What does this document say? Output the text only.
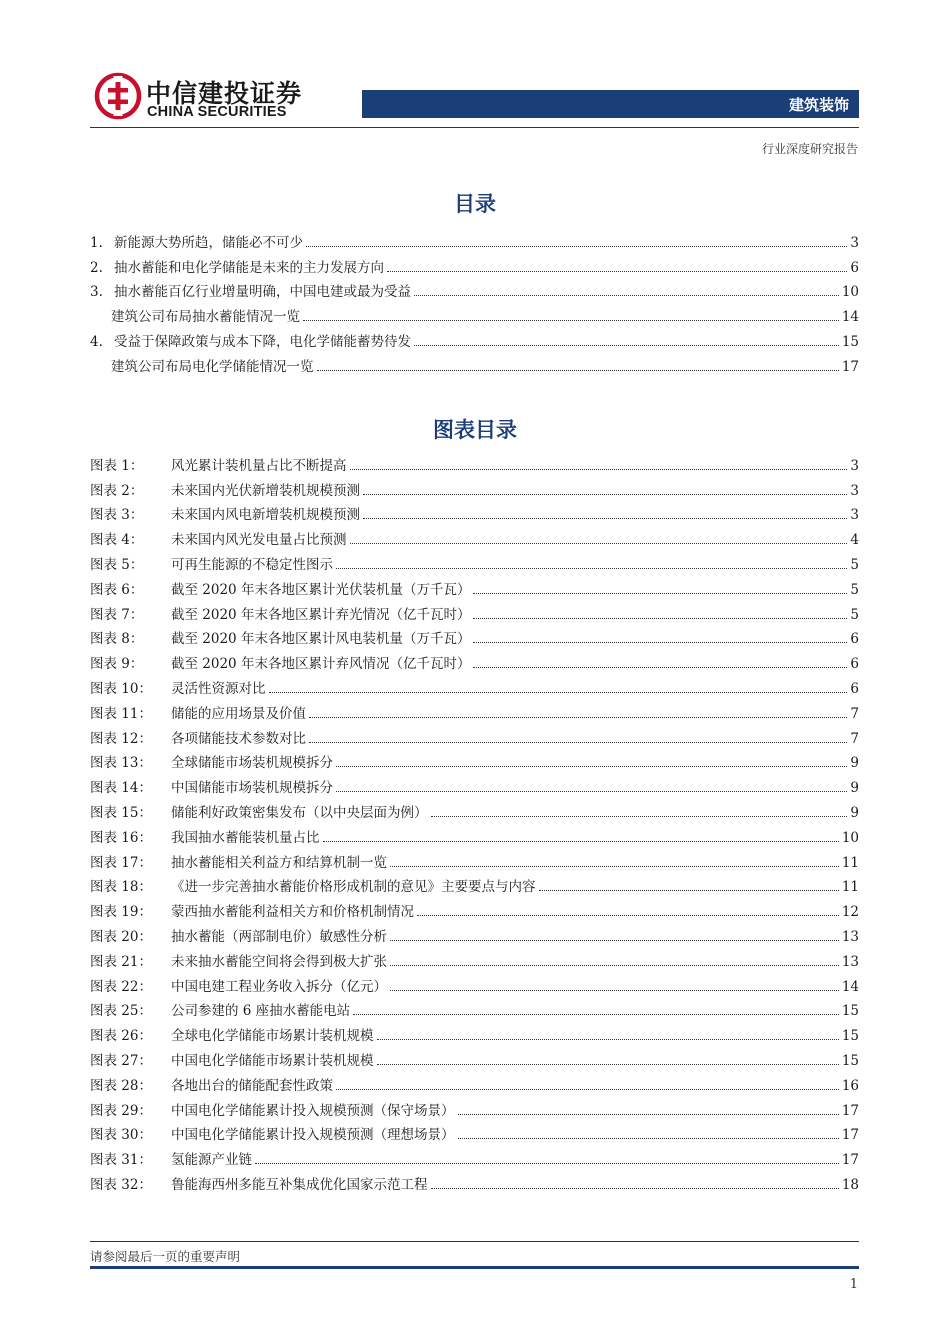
中信建投证券
CHINA SECURITIES	建筑装饰
行业深度研究报告
目录
1. 新能源大势所趋，储能必不可少	3
2. 抽水蓄能和电化学储能是未来的主力发展方向	6
3. 抽水蓄能百亿行业增量明确，中国电建或最为受益	10
建筑公司布局抽水蓄能情况一览	14
4. 受益于保障政策与成本下降，电化学储能蓄势待发	15
建筑公司布局电化学储能情况一览	17
图表目录
图表 1： 风光累计装机量占比不断提高	3
图表 2： 未来国内光伏新增装机规模预测	3
图表 3： 未来国内风电新增装机规模预测	3
图表 4： 未来国内风光发电量占比预测	4
图表 5： 可再生能源的不稳定性图示	5
图表 6： 截至 2020 年末各地区累计光伏装机量（万千瓦）	5
图表 7： 截至 2020 年末各地区累计弃光情况（亿千瓦时）	5
图表 8： 截至 2020 年末各地区累计风电装机量（万千瓦）	6
图表 9： 截至 2020 年末各地区累计弃风情况（亿千瓦时）	6
图表 10： 灵活性资源对比	6
图表 11： 储能的应用场景及价值	7
图表 12： 各项储能技术参数对比	7
图表 13： 全球储能市场装机规模拆分	9
图表 14： 中国储能市场装机规模拆分	9
图表 15： 储能利好政策密集发布（以中央层面为例）	9
图表 16： 我国抽水蓄能装机量占比	10
图表 17： 抽水蓄能相关利益方和结算机制一览	11
图表 18： 《进一步完善抽水蓄能价格形成机制的意见》主要要点与内容	11
图表 19： 蒙西抽水蓄能利益相关方和价格机制情况	12
图表 20： 抽水蓄能（两部制电价）敏感性分析	13
图表 21： 未来抽水蓄能空间将会得到极大扩张	13
图表 22： 中国电建工程业务收入拆分（亿元）	14
图表 25： 公司参建的 6 座抽水蓄能电站	15
图表 26： 全球电化学储能市场累计装机规模	15
图表 27： 中国电化学储能市场累计装机规模	15
图表 28： 各地出台的储能配套性政策	16
图表 29： 中国电化学储能累计投入规模预测（保守场景）	17
图表 30： 中国电化学储能累计投入规模预测（理想场景）	17
图表 31： 氢能源产业链	17
图表 32： 鲁能海西州多能互补集成优化国家示范工程	18
请参阅最后一页的重要声明
1
